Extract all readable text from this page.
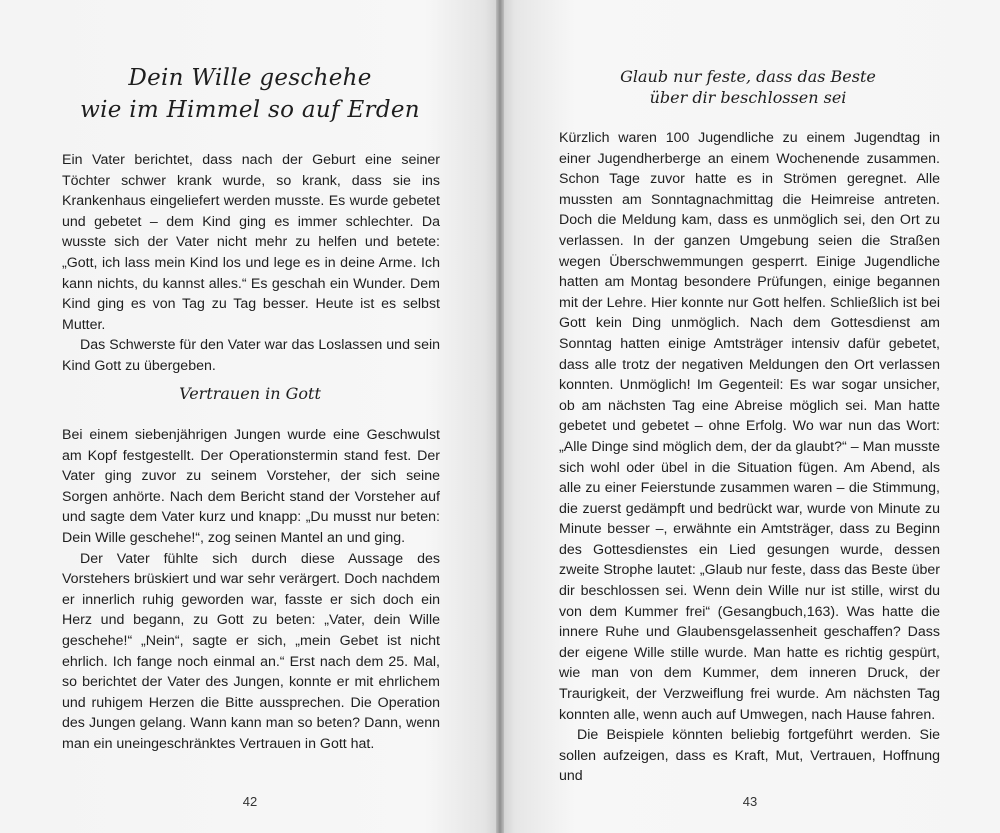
Dein Wille geschehe
wie im Himmel so auf Erden

Ein Vater berichtet, dass nach der Geburt eine seiner Töchter schwer krank wurde, so krank, dass sie ins Krankenhaus eingeliefert werden musste. Es wurde gebetet und gebetet – dem Kind ging es immer schlechter. Da wusste sich der Vater nicht mehr zu helfen und betete: „Gott, ich lass mein Kind los und lege es in deine Arme. Ich kann nichts, du kannst alles.“ Es geschah ein Wunder. Dem Kind ging es von Tag zu Tag besser. Heute ist es selbst Mutter.

Das Schwerste für den Vater war das Loslassen und sein Kind Gott zu übergeben.

Vertrauen in Gott

Bei einem siebenjährigen Jungen wurde eine Geschwulst am Kopf festgestellt. Der Operationstermin stand fest. Der Vater ging zuvor zu seinem Vorsteher, der sich seine Sorgen anhörte. Nach dem Bericht stand der Vorsteher auf und sagte dem Vater kurz und knapp: „Du musst nur beten: Dein Wille geschehe!“, zog seinen Mantel an und ging.

Der Vater fühlte sich durch diese Aussage des Vorstehers brüskiert und war sehr verärgert. Doch nachdem er innerlich ruhig geworden war, fasste er sich doch ein Herz und begann, zu Gott zu beten: „Vater, dein Wille geschehe!“ „Nein“, sagte er sich, „mein Gebet ist nicht ehrlich. Ich fange noch einmal an.“ Erst nach dem 25. Mal, so berichtet der Vater des Jungen, konnte er mit ehrlichem und ruhigem Herzen die Bitte aussprechen. Die Operation des Jungen gelang. Wann kann man so beten? Dann, wenn man ein uneingeschränktes Vertrauen in Gott hat.

42
Glaub nur feste, dass das Beste
über dir beschlossen sei

Kürzlich waren 100 Jugendliche zu einem Jugendtag in einer Jugendherberge an einem Wochenende zusammen. Schon Tage zuvor hatte es in Strömen geregnet. Alle mussten am Sonntagnachmittag die Heimreise antreten. Doch die Meldung kam, dass es unmöglich sei, den Ort zu verlassen. In der ganzen Umgebung seien die Straßen wegen Überschwemmungen gesperrt. Einige Jugendliche hatten am Montag besondere Prüfungen, einige begannen mit der Lehre. Hier konnte nur Gott helfen. Schließlich ist bei Gott kein Ding unmöglich. Nach dem Gottesdienst am Sonntag hatten einige Amtsträger intensiv dafür gebetet, dass alle trotz der negativen Meldungen den Ort verlassen konnten. Unmöglich! Im Gegenteil: Es war sogar unsicher, ob am nächsten Tag eine Abreise möglich sei. Man hatte gebetet und gebetet – ohne Erfolg. Wo war nun das Wort: „Alle Dinge sind möglich dem, der da glaubt?“ – Man musste sich wohl oder übel in die Situation fügen. Am Abend, als alle zu einer Feierstunde zusammen waren – die Stimmung, die zuerst gedämpft und bedrückt war, wurde von Minute zu Minute besser –, erwähnte ein Amtsträger, dass zu Beginn des Gottesdienstes ein Lied gesungen wurde, dessen zweite Strophe lautet: „Glaub nur feste, dass das Beste über dir beschlossen sei. Wenn dein Wille nur ist stille, wirst du von dem Kummer frei“ (Gesangbuch,163). Was hatte die innere Ruhe und Glaubensgelassenheit geschaffen? Dass der eigene Wille stille wurde. Man hatte es richtig gespürt, wie man von dem Kummer, dem inneren Druck, der Traurigkeit, der Verzweiflung frei wurde. Am nächsten Tag konnten alle, wenn auch auf Umwegen, nach Hause fahren.

Die Beispiele könnten beliebig fortgeführt werden. Sie sollen aufzeigen, dass es Kraft, Mut, Vertrauen, Hoffnung und

43
